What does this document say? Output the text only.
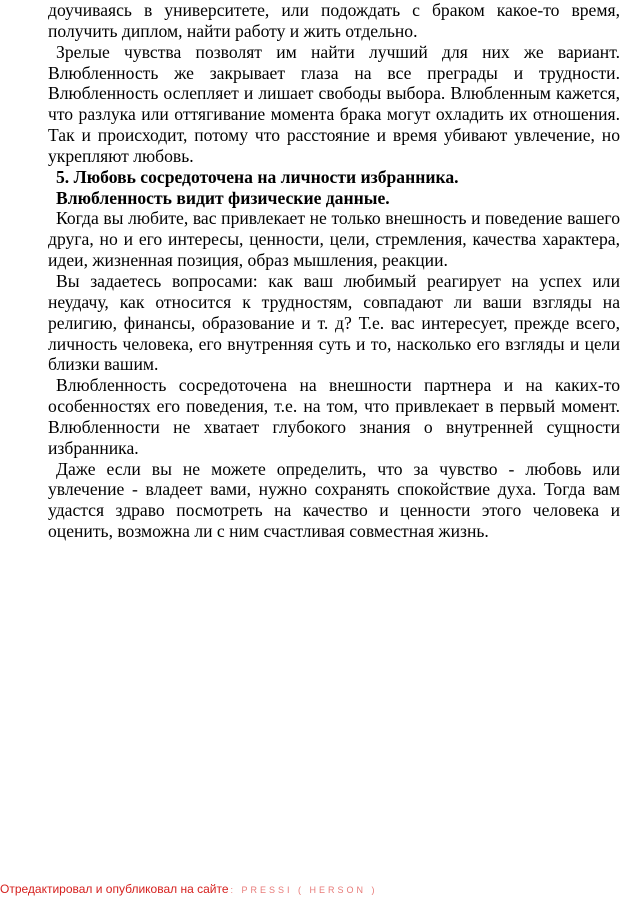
доучиваясь в университете, или подождать с браком какое-то время, получить диплом, найти работу и жить отдельно.

Зрелые чувства позволят им найти лучший для них же вариант. Влюбленность же закрывает глаза на все преграды и трудности. Влюбленность ослепляет и лишает свободы выбора. Влюбленным кажется, что разлука или оттягивание момента брака могут охладить их отношения. Так и происходит, потому что расстояние и время убивают увлечение, но укрепляют любовь.

5. Любовь сосредоточена на личности избранника.

Влюбленность видит физические данные.

Когда вы любите, вас привлекает не только внешность и поведение вашего друга, но и его интересы, ценности, цели, стремления, качества характера, идеи, жизненная позиция, образ мышления, реакции.

Вы задаетесь вопросами: как ваш любимый реагирует на успех или неудачу, как относится к трудностям, совпадают ли ваши взгляды на религию, финансы, образование и т. д? Т.е. вас интересует, прежде всего, личность человека, его внутренняя суть и то, насколько его взгляды и цели близки вашим.

Влюбленность сосредоточена на внешности партнера и на каких-то особенностях его поведения, т.е. на том, что привлекает в первый момент. Влюбленности не хватает глубокого знания о внутренней сущности избранника.

Даже если вы не можете определить, что за чувство - любовь или увлечение - владеет вами, нужно сохранять спокойствие духа. Тогда вам удастся здраво посмотреть на качество и ценности этого человека и оценить, возможна ли с ним счастливая совместная жизнь.

Отредактировал и опубликовал на сайте : PRESSI ( HERSON )
